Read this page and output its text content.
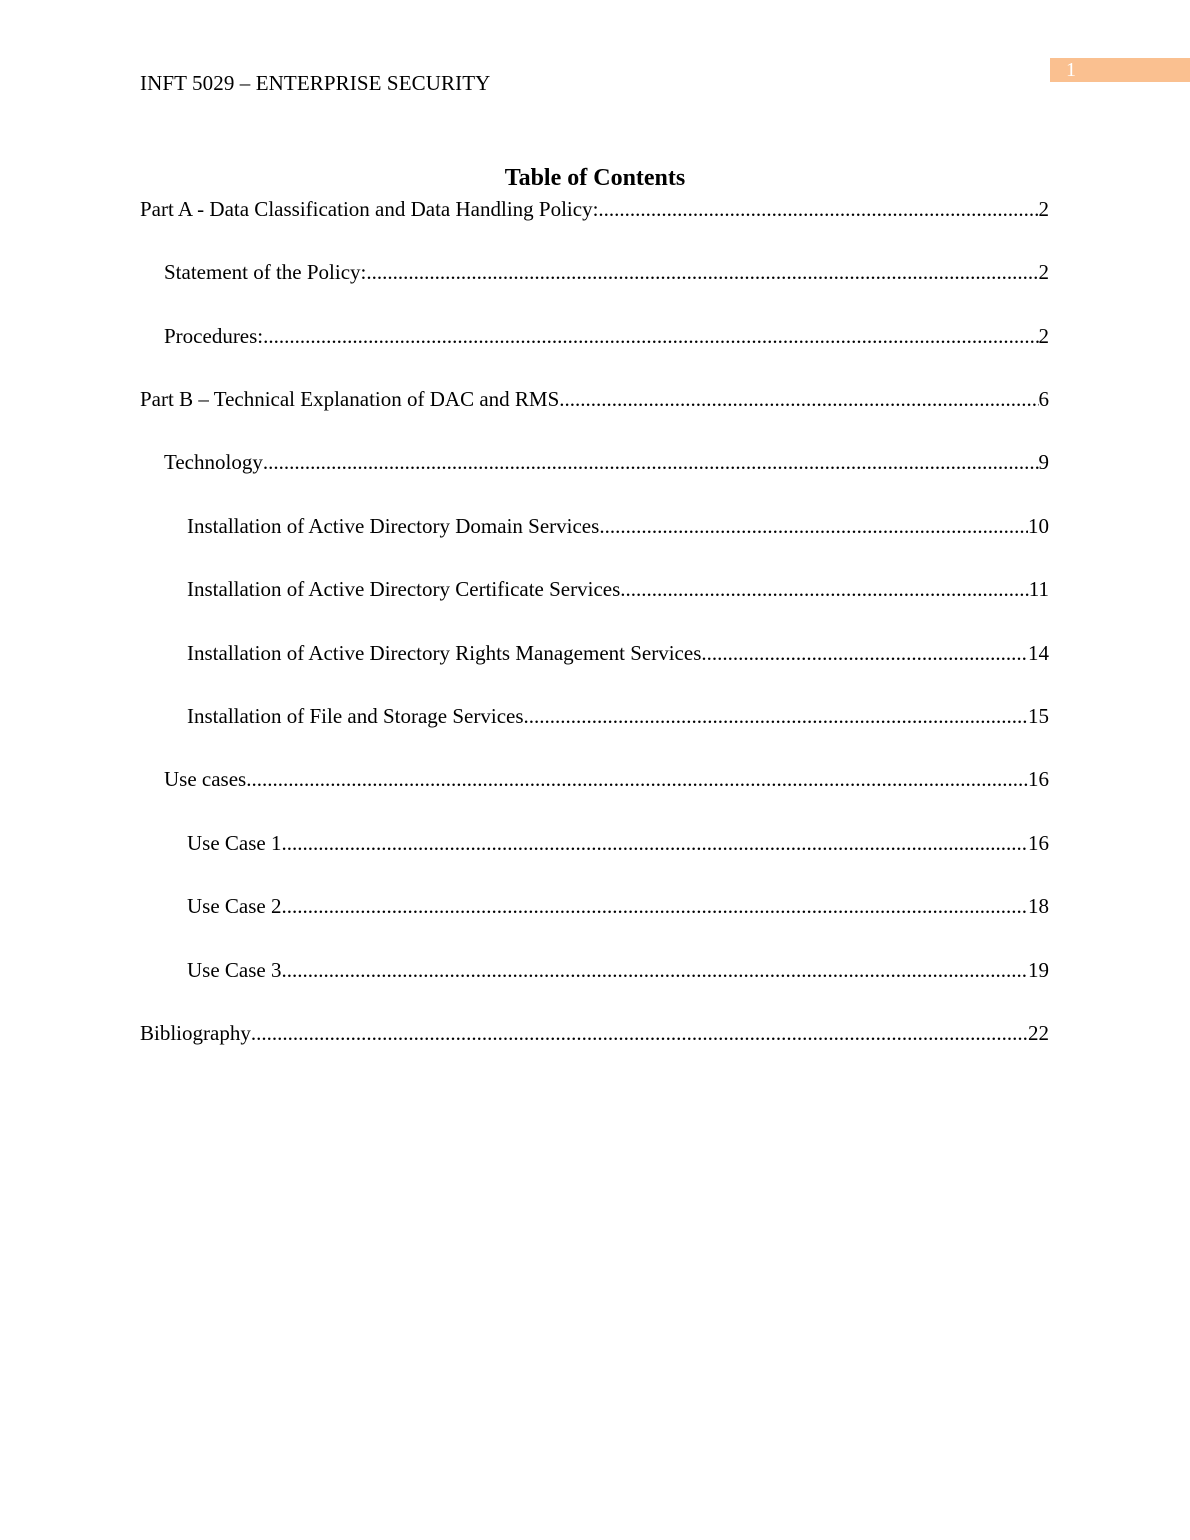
INFT 5029 – ENTERPRISE SECURITY
1
Table of Contents
Part A - Data Classification and Data Handling Policy: .....	2
Statement of the Policy: .....	2
Procedures: .....	2
Part B – Technical Explanation of DAC and RMS .....	6
Technology .....	9
Installation of Active Directory Domain Services .....	10
Installation of Active Directory Certificate Services .....	11
Installation of Active Directory Rights Management Services .....	14
Installation of File and Storage Services .....	15
Use cases .....	16
Use Case 1 .....	16
Use Case 2 .....	18
Use Case 3 .....	19
Bibliography .....	22
